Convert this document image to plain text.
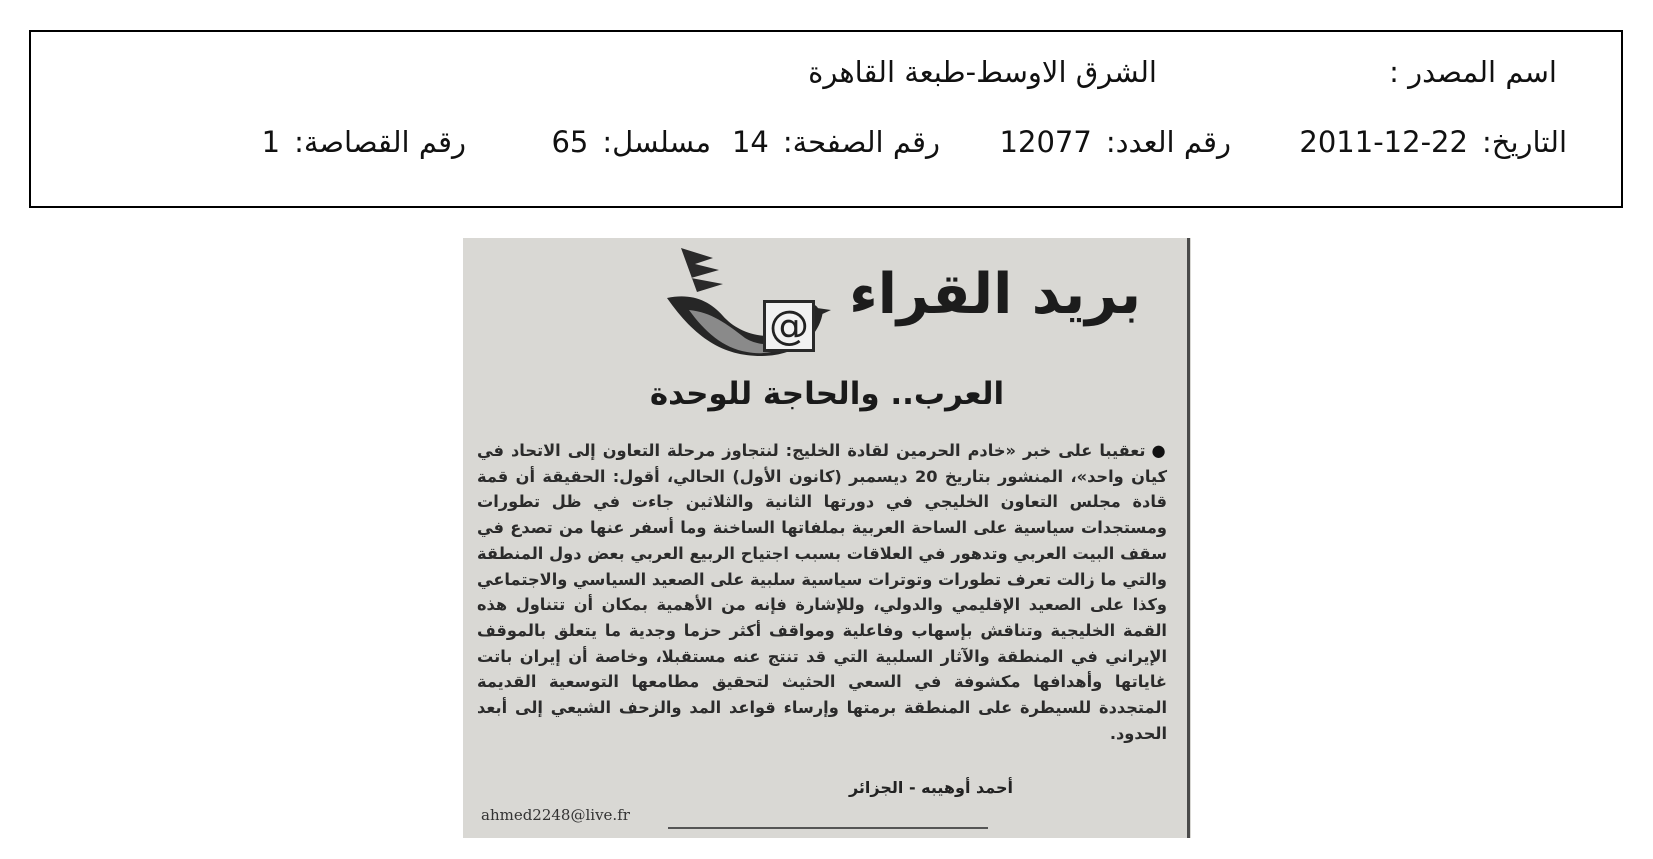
اسم المصدر :
الشرق الاوسط-طبعة القاهرة
التاريخ:2011-12-22
رقم العدد:12077
رقم الصفحة:14
مسلسل:65
رقم القصاصة:1
@ بريد القراء
العرب.. والحاجة للوحدة

●تعقيبا على خبر «خادم الحرمين لقادة الخليج: لنتجاوز مرحلة التعاون إلى الاتحاد في كيان واحد»، المنشور بتاريخ 20 ديسمبر (كانون الأول) الحالي، أقول: الحقيقة أن قمة قادة مجلس التعاون الخليجي في دورتها الثانية والثلاثين جاءت في ظل تطورات ومستجدات سياسية على الساحة العربية بملفاتها الساخنة وما أسفر عنها من تصدع في سقف البيت العربي وتدهور في العلاقات بسبب اجتياح الربيع العربي بعض دول المنطقة والتي ما زالت تعرف تطورات وتوترات سياسية سلبية على الصعيد السياسي والاجتماعي وكذا على الصعيد الإقليمي والدولي، وللإشارة فإنه من الأهمية بمكان أن تتناول هذه القمة الخليجية وتناقش بإسهاب وفاعلية ومواقف أكثر حزما وجدية ما يتعلق بالموقف الإيراني في المنطقة والآثار السلبية التي قد تنتج عنه مستقبلا، وخاصة أن إيران باتت غاياتها وأهدافها مكشوفة في السعي الحثيث لتحقيق مطامعها التوسعية القديمة المتجددة للسيطرة على المنطقة برمتها وإرساء قواعد المد والزحف الشيعي إلى أبعد الحدود.

أحمد أوهيبه - الجزائر
ahmed2248@live.fr
